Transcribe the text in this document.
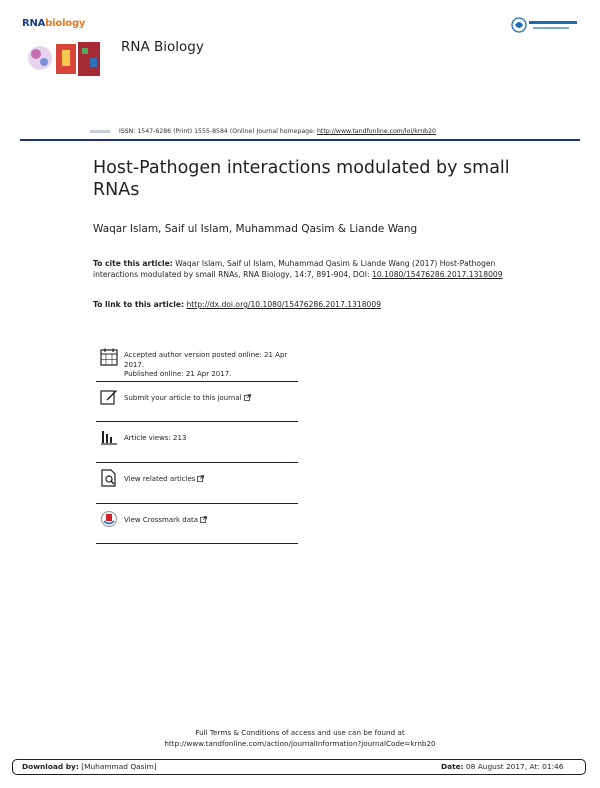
RNAbiology
RNA Biology
ISSN: 1547-6286 (Print) 1555-8584 (Online) Journal homepage: http://www.tandfonline.com/loi/krnb20
Host-Pathogen interactions modulated by small RNAs
Waqar Islam, Saif ul Islam, Muhammad Qasim & Liande Wang
To cite this article: Waqar Islam, Saif ul Islam, Muhammad Qasim & Liande Wang (2017) Host-Pathogen interactions modulated by small RNAs, RNA Biology, 14:7, 891-904, DOI: 10.1080/15476286.2017.1318009
To link to this article: http://dx.doi.org/10.1080/15476286.2017.1318009
Accepted author version posted online: 21 Apr 2017.
Published online: 21 Apr 2017.
Submit your article to this journal
Article views: 213
View related articles
View Crossmark data
Full Terms & Conditions of access and use can be found at
http://www.tandfonline.com/action/journalInformation?journalCode=krnb20
Download by: [Muhammad Qasim]	Date: 08 August 2017, At: 01:46
